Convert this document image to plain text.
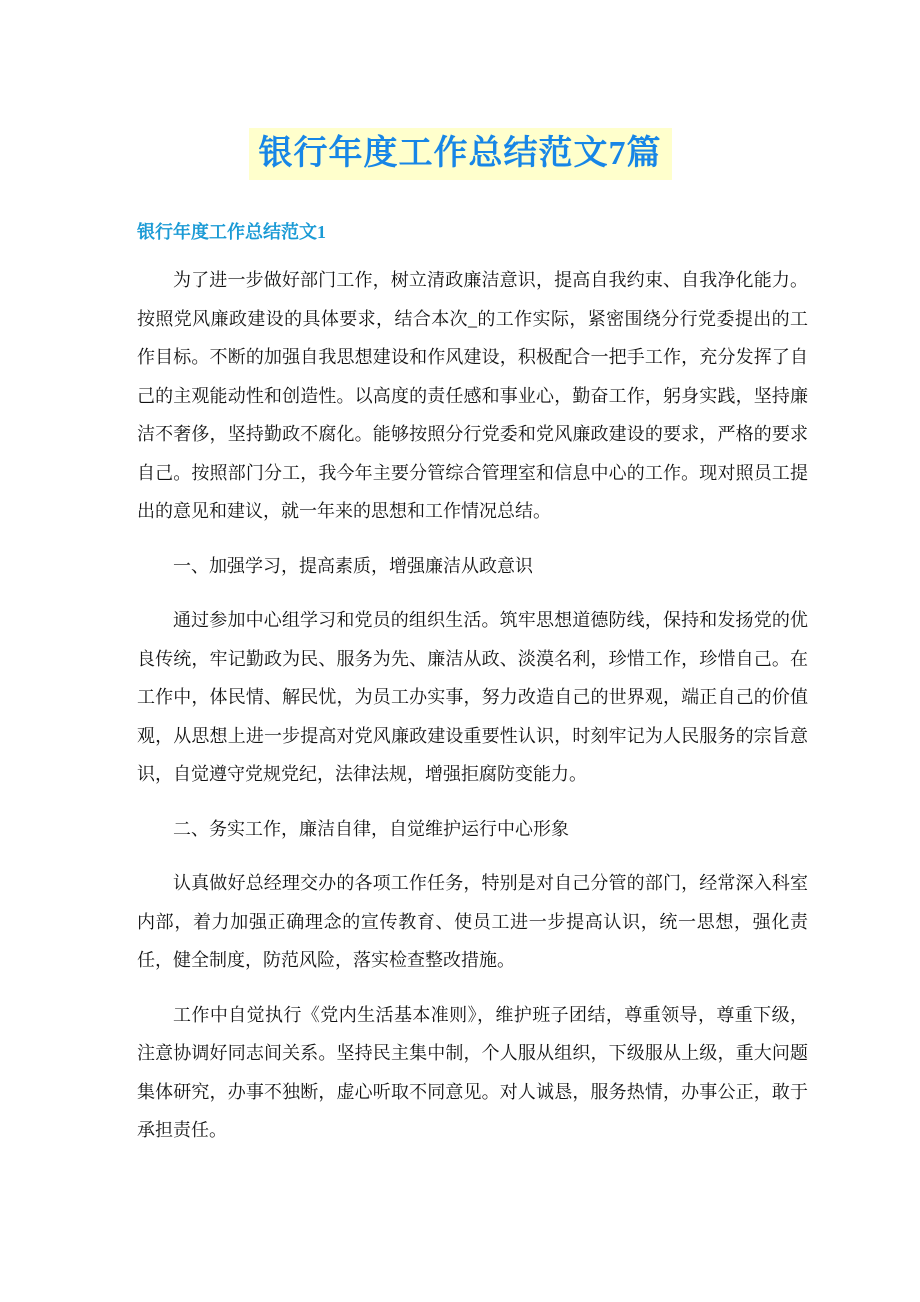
银行年度工作总结范文7篇

银行年度工作总结范文1

为了进一步做好部门工作，树立清政廉洁意识，提高自我约束、自我净化能力。按照党风廉政建设的具体要求，结合本次_的工作实际，紧密围绕分行党委提出的工作目标。不断的加强自我思想建设和作风建设，积极配合一把手工作，充分发挥了自己的主观能动性和创造性。以高度的责任感和事业心，勤奋工作，躬身实践，坚持廉洁不奢侈，坚持勤政不腐化。能够按照分行党委和党风廉政建设的要求，严格的要求自己。按照部门分工，我今年主要分管综合管理室和信息中心的工作。现对照员工提出的意见和建议，就一年来的思想和工作情况总结。

一、加强学习，提高素质，增强廉洁从政意识

通过参加中心组学习和党员的组织生活。筑牢思想道德防线，保持和发扬党的优良传统，牢记勤政为民、服务为先、廉洁从政、淡漠名利，珍惜工作，珍惜自己。在工作中，体民情、解民忧，为员工办实事，努力改造自己的世界观，端正自己的价值观，从思想上进一步提高对党风廉政建设重要性认识，时刻牢记为人民服务的宗旨意识，自觉遵守党规党纪，法律法规，增强拒腐防变能力。

二、务实工作，廉洁自律，自觉维护运行中心形象

认真做好总经理交办的各项工作任务，特别是对自己分管的部门，经常深入科室内部，着力加强正确理念的宣传教育、使员工进一步提高认识，统一思想，强化责任，健全制度，防范风险，落实检查整改措施。

工作中自觉执行《党内生活基本准则》，维护班子团结，尊重领导，尊重下级，注意协调好同志间关系。坚持民主集中制，个人服从组织，下级服从上级，重大问题集体研究，办事不独断，虚心听取不同意见。对人诚恳，服务热情，办事公正，敢于承担责任。
